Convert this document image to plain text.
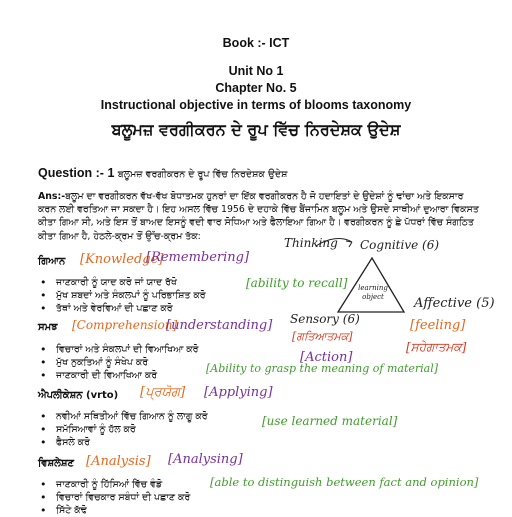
Book :- ICT
Unit No 1
Chapter No. 5
Instructional objective in terms of blooms taxonomy
ਬਲੂਮਜ਼ ਵਰਗੀਕਰਨ ਦੇ ਰੂਪ ਵਿੱਚ ਨਿਰਦੇਸ਼ਕ ਉਦੇਸ਼
Question :- 1 ਬਲੂਮਜ਼ ਵਰਗੀਕਰਨ ਦੇ ਰੂਪ ਵਿੱਚ ਨਿਰਦੇਸ਼ਕ ਉਦੇਸ਼
Ans:-ਬਲੂਮ ਦਾ ਵਰਗੀਕਰਨ ਵੱਖ-ਵੱਖ ਬੋਧਾਤਮਕ ਹੁਨਰਾਂ ਦਾ ਇੱਕ ਵਰਗੀਕਰਨ ਹੈ ਜੋ ਹਦਾਇਤਾਂ ਦੇ ਉਦੇਸ਼ਾਂ ਨੂੰ ਢਾਂਚਾ ਅਤੇ ਇਕਸਾਰ ਕਰਨ ਲਈ ਵਰਤਿਆ ਜਾ ਸਕਦਾ ਹੈ। ਇਹ ਅਸਲ ਵਿੱਚ 1956 ਦੇ ਦਹਾਕੇ ਵਿੱਚ ਬੈਂਜਾਮਿਨ ਬਲੂਮ ਅਤੇ ਉਸਦੇ ਸਾਥੀਆਂ ਦੁਆਰਾ ਵਿਕਸਤ ਕੀਤਾ ਗਿਆ ਸੀ, ਅਤੇ ਇਸ ਤੋਂ ਬਾਅਦ ਇਸਨੂੰ ਵਦੀ ਵਾਰ ਸੋਧਿਆ ਅਤੇ ਫੈਲਾਇਆ ਗਿਆ ਹੈ। ਵਰਗੀਕਰਨ ਨੂੰ ਛੇ ਪੱਧਰਾਂ ਵਿੱਚ ਸੰਗਠਿਤ ਕੀਤਾ ਗਿਆ ਹੈ, ਹੇਠਲੇ-ਕ੍ਰਮ ਤੋਂ ਉੱਚ-ਕ੍ਰਮ ਤੱਕ:
ਗਿਆਨ
• ਜਾਣਕਾਰੀ ਨੂੰ ਯਾਦ ਕਰੋ ਜਾਂ ਯਾਦ ਰੱਖੋ
• ਮੁੱਖ ਸ਼ਬਦਾਂ ਅਤੇ ਸੰਕਲਪਾਂ ਨੂੰ ਪਰਿਭਾਸ਼ਿਤ ਕਰੋ
• ਤੱਥਾਂ ਅਤੇ ਵੇਰਵਿਆਂ ਦੀ ਪਛਾਣ ਕਰੋ
ਸਮਝ
• ਵਿਚਾਰਾਂ ਅਤੇ ਸੰਕਲਪਾਂ ਦੀ ਵਿਆਖਿਆ ਕਰੋ
• ਮੁੱਖ ਨੁਕਤਿਆਂ ਨੂੰ ਸੰਖੇਪ ਕਰੋ
• ਜਾਣਕਾਰੀ ਦੀ ਵਿਆਖਿਆ ਕਰੋ
ਐਪਲੀਕੇਸ਼ਨ (vrto)
• ਨਵੀਆਂ ਸਥਿਤੀਆਂ ਵਿੱਚ ਗਿਆਨ ਨੂੰ ਲਾਗੂ ਕਰੋ
• ਸਮੱਸਿਆਵਾਂ ਨੂੰ ਹੱਲ ਕਰੋ
• ਫੈਸਲੇ ਕਰੋ
ਵਿਸ਼ਲੇਸ਼ਣ
• ਜਾਣਕਾਰੀ ਨੂੰ ਹਿੱਸਿਆਂ ਵਿੱਚ ਵੰਡੋ
• ਵਿਚਾਰਾਂ ਵਿਚਕਾਰ ਸਬੰਧਾਂ ਦੀ ਪਛਾਣ ਕਰੋ
• ਸਿੱਟੇ ਕੱਢੋ
[Knowledge]
[Remembering]
[ability to recall]
[Comprehension]
[understanding]
[Ability to grasp the meaning of material]
[ਪ੍ਰਯੋਗ] [Applying]
[use learned material]
[Analysis] [Analysing]
[able to distinguish between fact and opinion]
Thinking Cognitive (6)
learning object	Affective (5)
[feeling]
[ਸਹੇਗਾਤਮਕ]
Sensory (6)
[ਗਤਿਆਤਮਕ]
[Action]
